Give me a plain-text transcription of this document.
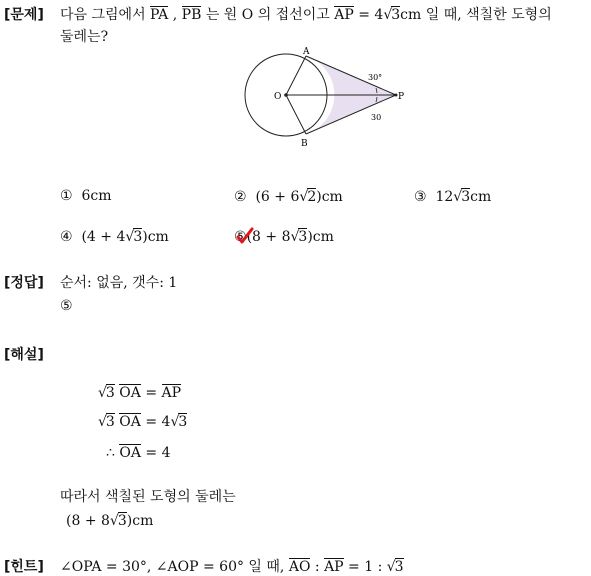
[문제] 다음 그림에서 PA , PB 는 원 O 의 접선이고 AP = 4√3cm 일 때, 색칠한 도형의
둘레는?
A
B
O	P
30°
30
① 6cm	② (6 + 6√2)cm	③ 12√3cm
④ (4 + 4√3)cm	⑤
(8 + 8√3)cm
[정답] 순서: 없음, 갯수: 1
⑤
[해설]
√3 OA = AP
√3 OA = 4√3
∴ OA = 4
따라서 색칠된 도형의 둘레는
(8 + 8√3)cm
[힌트] ∠OPA = 30°, ∠AOP = 60° 일 때, AO : AP = 1 : √3
